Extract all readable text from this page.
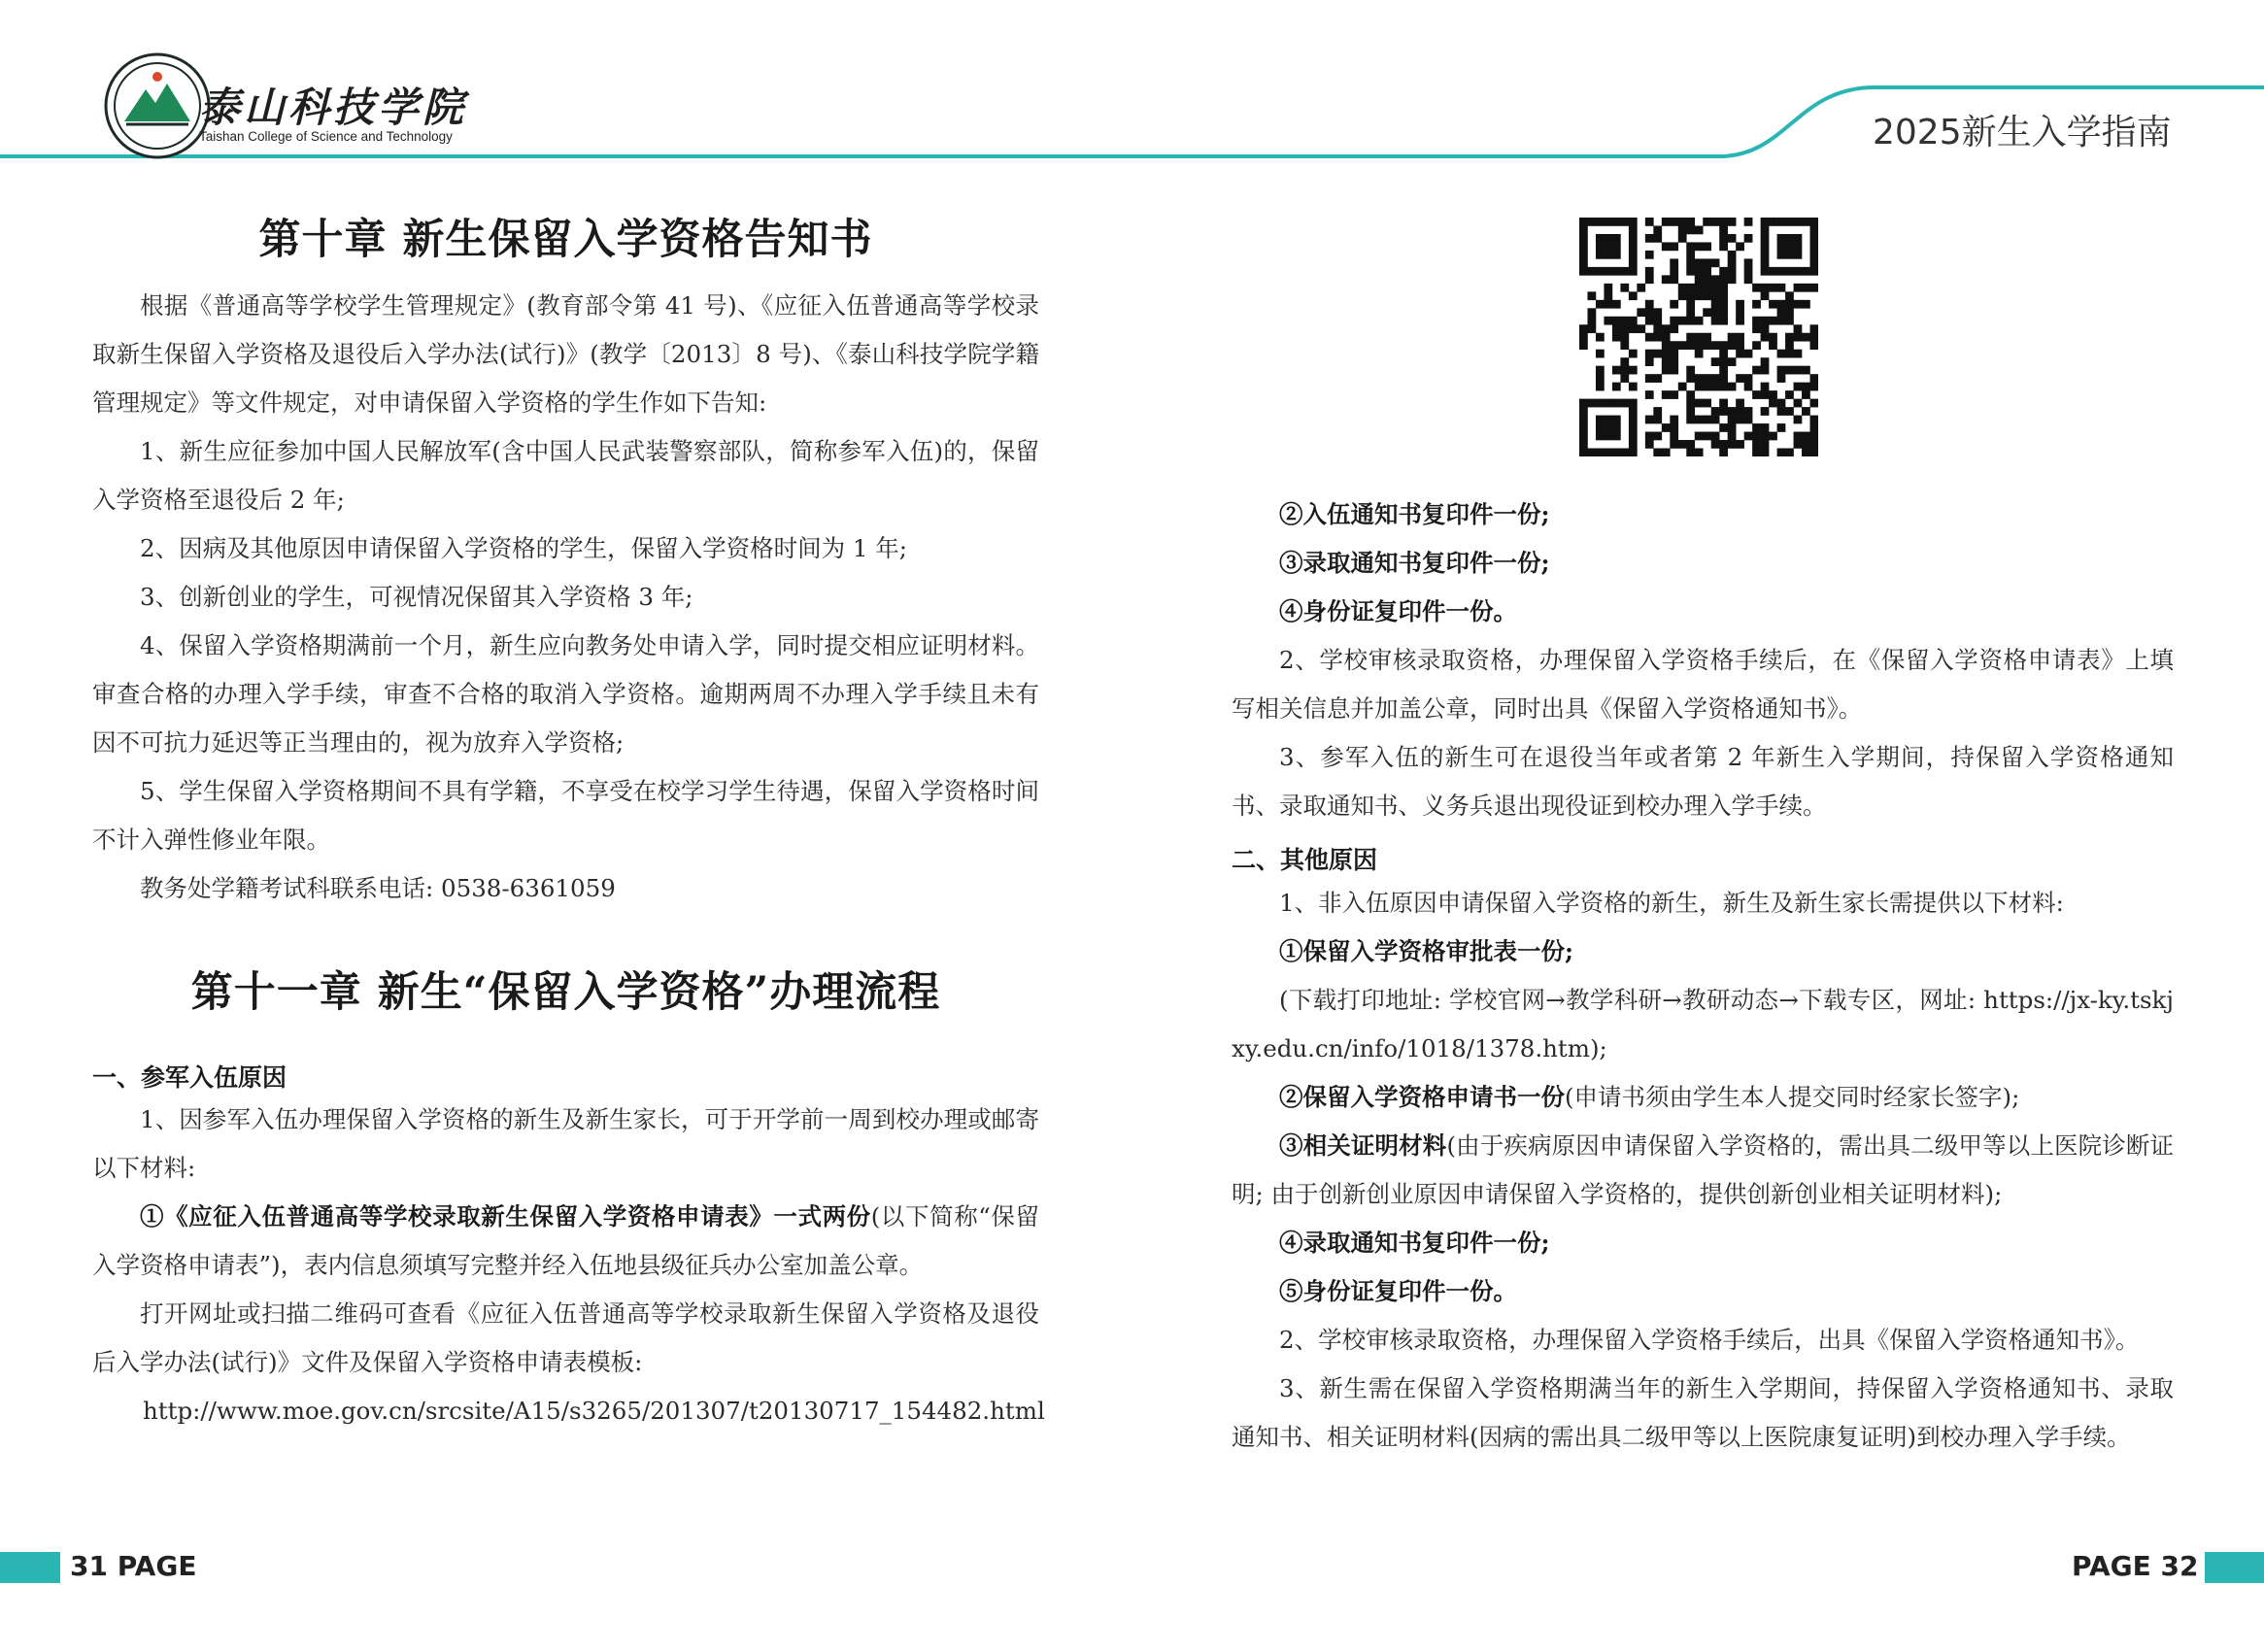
泰山科技学院
Taishan College of Science and Technology	2025新生入学指南
第十章 新生保留入学资格告知书

根据《普通高等学校学生管理规定》(教育部令第 41 号)、《应征入伍普通高等学校录取新生保留入学资格及退役后入学办法(试行)》(教学〔2013〕8 号)、《泰山科技学院学籍管理规定》等文件规定，对申请保留入学资格的学生作如下告知:

1、新生应征参加中国人民解放军(含中国人民武装警察部队，简称参军入伍)的，保留入学资格至退役后 2 年;

2、因病及其他原因申请保留入学资格的学生，保留入学资格时间为 1 年;

3、创新创业的学生，可视情况保留其入学资格 3 年;

4、保留入学资格期满前一个月，新生应向教务处申请入学，同时提交相应证明材料。审查合格的办理入学手续，审查不合格的取消入学资格。逾期两周不办理入学手续且未有因不可抗力延迟等正当理由的，视为放弃入学资格;

5、学生保留入学资格期间不具有学籍，不享受在校学习学生待遇，保留入学资格时间不计入弹性修业年限。

教务处学籍考试科联系电话: 0538-6361059

第十一章 新生“保留入学资格”办理流程
一、参军入伍原因

1、因参军入伍办理保留入学资格的新生及新生家长，可于开学前一周到校办理或邮寄以下材料:

①《应征入伍普通高等学校录取新生保留入学资格申请表》一式两份(以下简称“保留入学资格申请表”)，表内信息须填写完整并经入伍地县级征兵办公室加盖公章。

打开网址或扫描二维码可查看《应征入伍普通高等学校录取新生保留入学资格及退役后入学办法(试行)》文件及保留入学资格申请表模板:

http://www.moe.gov.cn/srcsite/A15/s3265/201307/t20130717_154482.html

②入伍通知书复印件一份;

③录取通知书复印件一份;

④身份证复印件一份。

2、学校审核录取资格，办理保留入学资格手续后，在《保留入学资格申请表》上填写相关信息并加盖公章，同时出具《保留入学资格通知书》。

3、参军入伍的新生可在退役当年或者第 2 年新生入学期间，持保留入学资格通知书、录取通知书、义务兵退出现役证到校办理入学手续。

二、其他原因

1、非入伍原因申请保留入学资格的新生，新生及新生家长需提供以下材料:

①保留入学资格审批表一份;

(下载打印地址: 学校官网→教学科研→教研动态→下载专区，网址: https://jx-ky.tskjxy.edu.cn/info/1018/1378.htm);

②保留入学资格申请书一份(申请书须由学生本人提交同时经家长签字);

③相关证明材料(由于疾病原因申请保留入学资格的，需出具二级甲等以上医院诊断证明; 由于创新创业原因申请保留入学资格的，提供创新创业相关证明材料);

④录取通知书复印件一份;

⑤身份证复印件一份。

2、学校审核录取资格，办理保留入学资格手续后，出具《保留入学资格通知书》。

3、新生需在保留入学资格期满当年的新生入学期间，持保留入学资格通知书、录取通知书、相关证明材料(因病的需出具二级甲等以上医院康复证明)到校办理入学手续。

31 PAGE	PAGE 32
